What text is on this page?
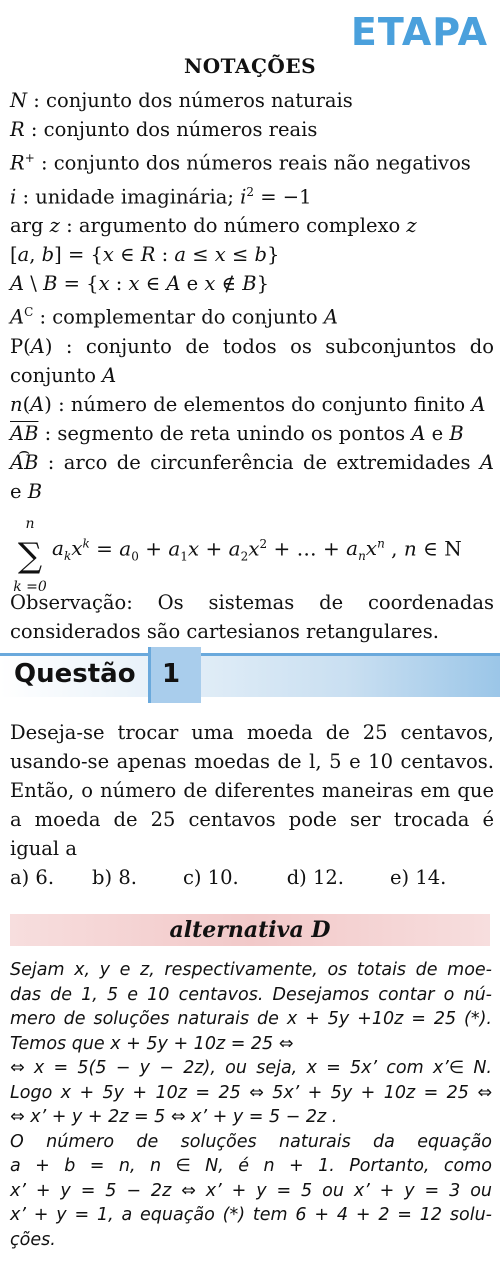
ETAPA
NOTAÇÕES
N : conjunto dos números naturais
R : conjunto dos números reais
R+ : conjunto dos números reais não negativos
i : unidade imaginária; $i^2 = -1$
arg z : argumento do número complexo z
[a, b] = {x ∈ R : a ≤ x ≤ b}
A \ B = {x : x ∈ A e x ∉ B}
$A^C$ : complementar do conjunto A
P(A) : conjunto de todos os subconjuntos do
conjunto A
n(A) : número de elementos do conjunto finito A
$\overline{AB}$ : segmento de reta unindo os pontos A e B
⌢ AB : arco de circunferência de extremidades A
e B
n
∑
k =0
$a_kx^k = a_0 + a_1x + a_2x^2$ + … + $a_nx^n$ , n ∈ N
Observação: Os sistemas de coordenadas considerados são cartesianos retangulares.
Questão 1
Deseja-se trocar uma moeda de 25 centavos, usando-se apenas moedas de l, 5 e 10 centavos. Então, o número de diferentes maneiras em que a moeda de 25 centavos pode ser trocada é igual a
a) 6. b) 8. c) 10. d) 12. e) 14.
alternativa D
Sejam x, y e z, respectivamente, os totais de moe-
das de 1, 5 e 10 centavos. Desejamos contar o nú-
mero de soluções naturais de x + 5y +10z = 25 (*).
Temos que x + 5y + 10z = 25 ⇔
⇔ x = 5(5 − y − 2z), ou seja, x = 5x’ com x’∈ N.
Logo x + 5y + 10z = 25 ⇔ 5x’ + 5y + 10z = 25 ⇔
⇔ x’ + y + 2z = 5 ⇔ x’ + y = 5 − 2z .
O número de soluções naturais da equação
a + b = n, n ∈ N, é n + 1. Portanto, como
x’ + y = 5 − 2z ⇔ x’ + y = 5 ou x’ + y = 3 ou
x’ + y = 1, a equação (*) tem 6 + 4 + 2 = 12 solu-
ções.
